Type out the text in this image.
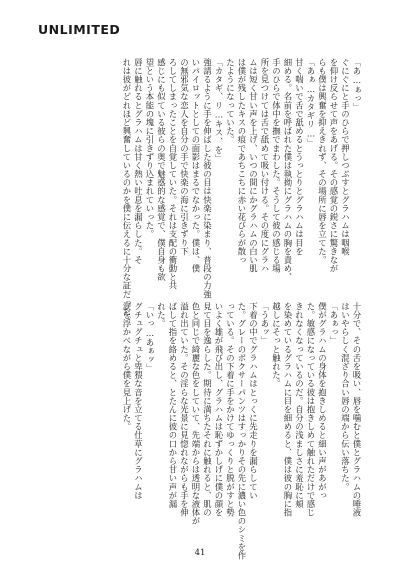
UNLIMITED
「あ…ぁっ」
ぐにぐにと手のひらで押しつぶすとグラハムは咽喉
を仰け反らせて声をあげる。その感覚の鋭さに驚きなが
らも僕は興奮を抑えきれず、その場所に唇を立てた。
「あぁ…カタギリ…」
甘く喘いで舌で舐めるとうっとりとグラハムは目を
細める。名前を呼ばれた僕は執拗にグラハムの胸を責め、
手のひらで体中を撫でまわした。そうして彼の感じる場
所を見つけては舌で舐めて吸い付ける。その度にグラハ
ムは短く甘い声を上げ、いつの間にかグラハムの白い肌
は僕が残したキスの痕であちこちに赤い花びらが散っ
たようになっていた。
「カタギ、リ…キス、を」
強請るように手を伸ばした彼の目は快楽に染まり、普段の力強
いパイロットとしての面影はまるでなかった。僕は、僕
の無邪気な恋人を自分の手で快楽の海に引きずり下
ろしてしまったことを自覚していた。それは支配の衝動と共
感じにも似ている彼らの奥で魅惑的な感覚で、僕自身も欲
望という本能の塊に引きずり込まれていった。
唇に触れるとグラハムは甘く熱い吐息を漏らした。そ
れは彼がどれほど興奮しているのかを僕に伝えるに十分な証だった。
十分で、その舌を吸い、唇を噛むと僕とグラハムの唾液
はいやらしく混ざり合い唇の端から伝い落ちた。
「あぁっ」
僕がグラハムの身体を抱きしめると細い声があがっ
た。敏感になっている彼は抱きしめて触れただけで感じ
きれなくなっているのだ。自分の浅ましさに羞恥に頬
を染めているグラハムに目を細めると、僕は彼の胸に指
越しにそっと触れた。
「うあッ」
下着の中でグラハムはとっくに先走りを漏らしてい
た。グレーのボクサーパンツはすっかりその先に濃い色のシミを作
っている。その下着に手をかけてゆっくりと脱がすと勢
いよく雄が飛び出し、グラハムは恥ずかしげに僕の顔を
見て目を逸らした。期待に満ちたそれに触れると、肌の
色と同じで綺麗な色をしていて、先端からは透明な液体が
溢れ出ていた。その淫らな光景に見惚れながらも手を伸
ばして指を絡めると、とたんに彼の口から甘い声が漏
れた。
「いっ…あぁッ」
グチュグチュと卑猥な音を立てる仕草にグラハムは
涙を浮かべながら僕を見上げた。
41
